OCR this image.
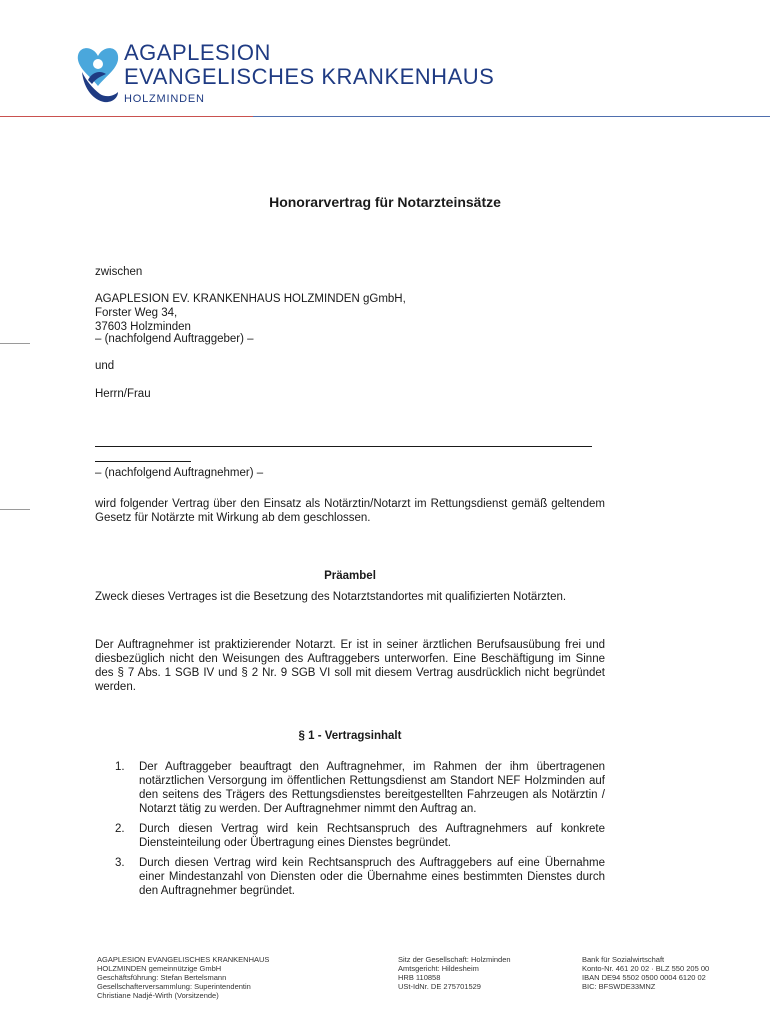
AGAPLESION
EVANGELISCHES KRANKENHAUS
HOLZMINDEN
Honorarvertrag für Notarzteinsätze
zwischen
AGAPLESION EV. KRANKENHAUS HOLZMINDEN gGmbH,
Forster Weg 34,
37603 Holzminden
– (nachfolgend Auftraggeber) –
und
Herrn/Frau
– (nachfolgend Auftragnehmer) –
wird folgender Vertrag über den Einsatz als Notärztin/Notarzt im Rettungsdienst gemäß geltendem Gesetz für Notärzte mit Wirkung ab dem geschlossen.
Präambel
Zweck dieses Vertrages ist die Besetzung des Notarztstandortes mit qualifizierten Notärzten.
Der Auftragnehmer ist praktizierender Notarzt. Er ist in seiner ärztlichen Berufsausübung frei und diesbezüglich nicht den Weisungen des Auftraggebers unterworfen. Eine Beschäftigung im Sinne des § 7 Abs. 1 SGB IV und § 2 Nr. 9 SGB VI soll mit diesem Vertrag ausdrücklich nicht begründet werden.
§ 1 - Vertragsinhalt
1. Der Auftraggeber beauftragt den Auftragnehmer, im Rahmen der ihm übertragenen notärztlichen Versorgung im öffentlichen Rettungsdienst am Standort NEF Holzminden auf den seitens des Trägers des Rettungsdienstes bereitgestellten Fahrzeugen als Notärztin / Notarzt tätig zu werden. Der Auftragnehmer nimmt den Auftrag an.
2. Durch diesen Vertrag wird kein Rechtsanspruch des Auftragnehmers auf konkrete Diensteinteilung oder Übertragung eines Dienstes begründet.
3. Durch diesen Vertrag wird kein Rechtsanspruch des Auftraggebers auf eine Übernahme einer Mindestanzahl von Diensten oder die Übernahme eines bestimmten Dienstes durch den Auftragnehmer begründet.
AGAPLESION EVANGELISCHES KRANKENHAUS
HOLZMINDEN gemeinnützige GmbH
Geschäftsführung: Stefan Bertelsmann
Gesellschafterversammlung: Superintendentin
Christiane Nadjé-Wirth (Vorsitzende)
Sitz der Gesellschaft: Holzminden
Amtsgericht: Hildesheim
HRB 110858
USt-IdNr. DE 275701529
Bank für Sozialwirtschaft
Konto-Nr. 461 20 02 · BLZ 550 205 00
IBAN DE94 5502 0500 0004 6120 02
BIC: BFSWDE33MNZ
